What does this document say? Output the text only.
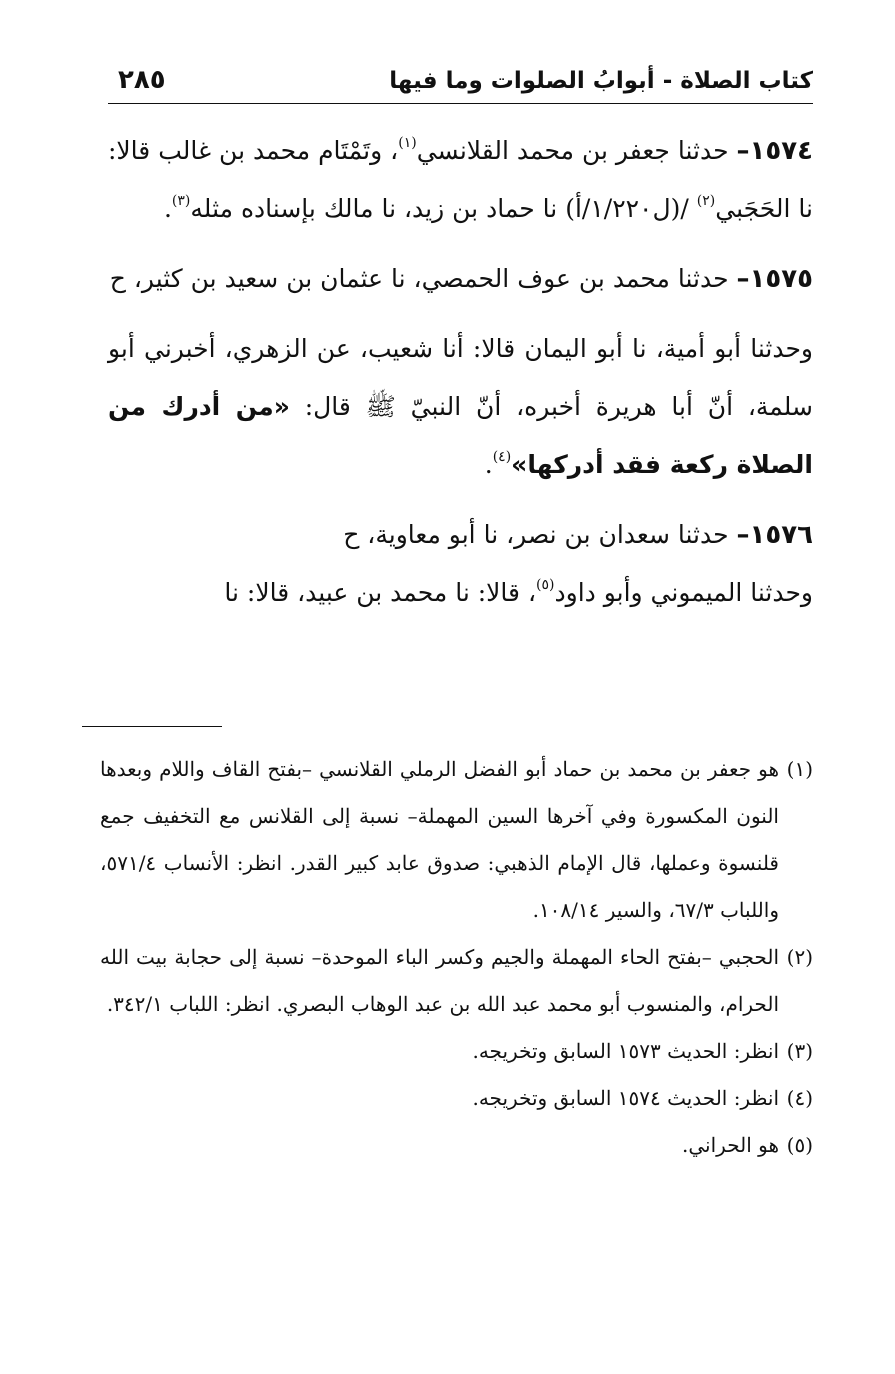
كتاب الصلاة - أبوابُ الصلوات وما فيها
٢٨٥

١٥٧٤– حدثنا جعفر بن محمد القلانسي$^{(١)}$، وتَمْتَام محمد بن غالب قالا: نا الحَجَبي$^{(٢)}$ /(ل١/٢٢٠/أ) نا حماد بن زيد، نا مالك بإسناده مثله$^{(٣)}$.

١٥٧٥– حدثنا محمد بن عوف الحمصي، نا عثمان بن سعيد بن كثير، ح

وحدثنا أبو أمية، نا أبو اليمان قالا: أنا شعيب، عن الزهري، أخبرني أبو سلمة، أنّ أبا هريرة أخبره، أنّ النبيّ ﷺ قال: «من أدرك من الصلاة ركعة فقد أدركها»$^{(٤)}$.

١٥٧٦– حدثنا سعدان بن نصر، نا أبو معاوية، ح

وحدثنا الميموني وأبو داود$^{(٥)}$، قالا: نا محمد بن عبيد، قالا: نا

(١)
هو جعفر بن محمد بن حماد أبو الفضل الرملي القلانسي –بفتح القاف واللام وبعدها النون المكسورة وفي آخرها السين المهملة– نسبة إلى القلانس مع التخفيف جمع قلنسوة وعملها، قال الإمام الذهبي: صدوق عابد كبير القدر. انظر: الأنساب ٥٧١/٤، واللباب ٦٧/٣، والسير ١٠٨/١٤.
(٢)
الحجبي –بفتح الحاء المهملة والجيم وكسر الباء الموحدة– نسبة إلى حجابة بيت الله الحرام، والمنسوب أبو محمد عبد الله بن عبد الوهاب البصري. انظر: اللباب ٣٤٢/١.
(٣)
انظر: الحديث ١٥٧٣ السابق وتخريجه.
(٤)
انظر: الحديث ١٥٧٤ السابق وتخريجه.
(٥)
هو الحراني.
